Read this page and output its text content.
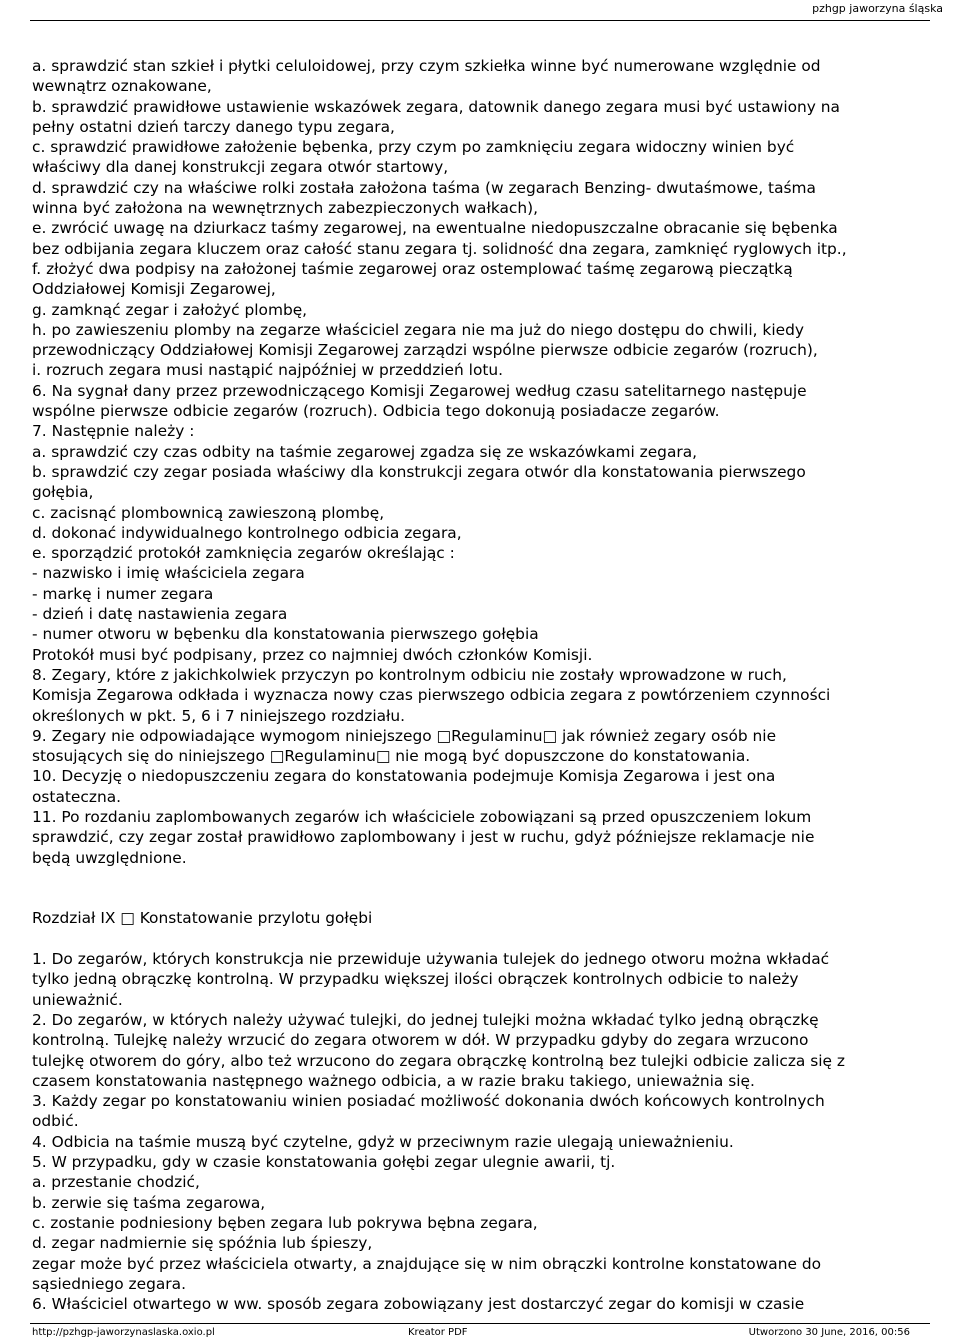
pzhgp jaworzyna śląska
a. sprawdzić stan szkieł i płytki celuloidowej, przy czym szkiełka winne być numerowane względnie od
wewnątrz oznakowane,
b. sprawdzić prawidłowe ustawienie wskazówek zegara, datownik danego zegara musi być ustawiony na
pełny ostatni dzień tarczy danego typu zegara,
c. sprawdzić prawidłowe założenie bębenka, przy czym po zamknięciu zegara widoczny winien być
właściwy dla danej konstrukcji zegara otwór startowy,
d. sprawdzić czy na właściwe rolki została założona taśma (w zegarach Benzing- dwutaśmowe, taśma
winna być założona na wewnętrznych zabezpieczonych wałkach),
e. zwrócić uwagę na dziurkacz taśmy zegarowej, na ewentualne niedopuszczalne obracanie się bębenka
bez odbijania zegara kluczem oraz całość stanu zegara tj. solidność dna zegara, zamknięć ryglowych itp.,
f. złożyć dwa podpisy na założonej taśmie zegarowej oraz ostemplować taśmę zegarową pieczątką
Oddziałowej Komisji Zegarowej,
g. zamknąć zegar i założyć plombę,
h. po zawieszeniu plomby na zegarze właściciel zegara nie ma już do niego dostępu do chwili, kiedy
przewodniczący Oddziałowej Komisji Zegarowej zarządzi wspólne pierwsze odbicie zegarów (rozruch),
i. rozruch zegara musi nastąpić najpóźniej w przeddzień lotu.
6. Na sygnał dany przez przewodniczącego Komisji Zegarowej według czasu satelitarnego następuje
wspólne pierwsze odbicie zegarów (rozruch). Odbicia tego dokonują posiadacze zegarów.
7. Następnie należy :
a. sprawdzić czy czas odbity na taśmie zegarowej zgadza się ze wskazówkami zegara,
b. sprawdzić czy zegar posiada właściwy dla konstrukcji zegara otwór dla konstatowania pierwszego
gołębia,
c. zacisnąć plombownicą zawieszoną plombę,
d. dokonać indywidualnego kontrolnego odbicia zegara,
e. sporządzić protokół zamknięcia zegarów określając :
- nazwisko i imię właściciela zegara
- markę i numer zegara
- dzień i datę nastawienia zegara
- numer otworu w bębenku dla konstatowania pierwszego gołębia
Protokół musi być podpisany, przez co najmniej dwóch członków Komisji.
8. Zegary, które z jakichkolwiek przyczyn po kontrolnym odbiciu nie zostały wprowadzone w ruch,
Komisja Zegarowa odkłada i wyznacza nowy czas pierwszego odbicia zegara z powtórzeniem czynności
określonych w pkt. 5, 6 i 7 niniejszego rozdziału.
9. Zegary nie odpowiadające wymogom niniejszego □Regulaminu□ jak również zegary osób nie
stosujących się do niniejszego □Regulaminu□ nie mogą być dopuszczone do konstatowania.
10. Decyzję o niedopuszczeniu zegara do konstatowania podejmuje Komisja Zegarowa i jest ona
ostateczna.
11. Po rozdaniu zaplombowanych zegarów ich właściciele zobowiązani są przed opuszczeniem lokum
sprawdzić, czy zegar został prawidłowo zaplombowany i jest w ruchu, gdyż późniejsze reklamacje nie
będą uwzględnione.
Rozdział IX □ Konstatowanie przylotu gołębi
1. Do zegarów, których konstrukcja nie przewiduje używania tulejek do jednego otworu można wkładać
tylko jedną obrączkę kontrolną. W przypadku większej ilości obrączek kontrolnych odbicie to należy
unieważnić.
2. Do zegarów, w których należy używać tulejki, do jednej tulejki można wkładać tylko jedną obrączkę
kontrolną. Tulejkę należy wrzucić do zegara otworem w dół. W przypadku gdyby do zegara wrzucono
tulejkę otworem do góry, albo też wrzucono do zegara obrączkę kontrolną bez tulejki odbicie zalicza się z
czasem konstatowania następnego ważnego odbicia, a w razie braku takiego, unieważnia się.
3. Każdy zegar po konstatowaniu winien posiadać możliwość dokonania dwóch końcowych kontrolnych
odbić.
4. Odbicia na taśmie muszą być czytelne, gdyż w przeciwnym razie ulegają unieważnieniu.
5. W przypadku, gdy w czasie konstatowania gołębi zegar ulegnie awarii, tj.
a. przestanie chodzić,
b. zerwie się taśma zegarowa,
c. zostanie podniesiony bęben zegara lub pokrywa bębna zegara,
d. zegar nadmiernie się spóźnia lub śpieszy,
zegar może być przez właściciela otwarty, a znajdujące się w nim obrączki kontrolne konstatowane do
sąsiedniego zegara.
6. Właściciel otwartego w ww. sposób zegara zobowiązany jest dostarczyć zegar do komisji w czasie
http://pzhgp-jaworzynaslaska.oxio.pl	Kreator PDF	Utworzono 30 June, 2016, 00:56
